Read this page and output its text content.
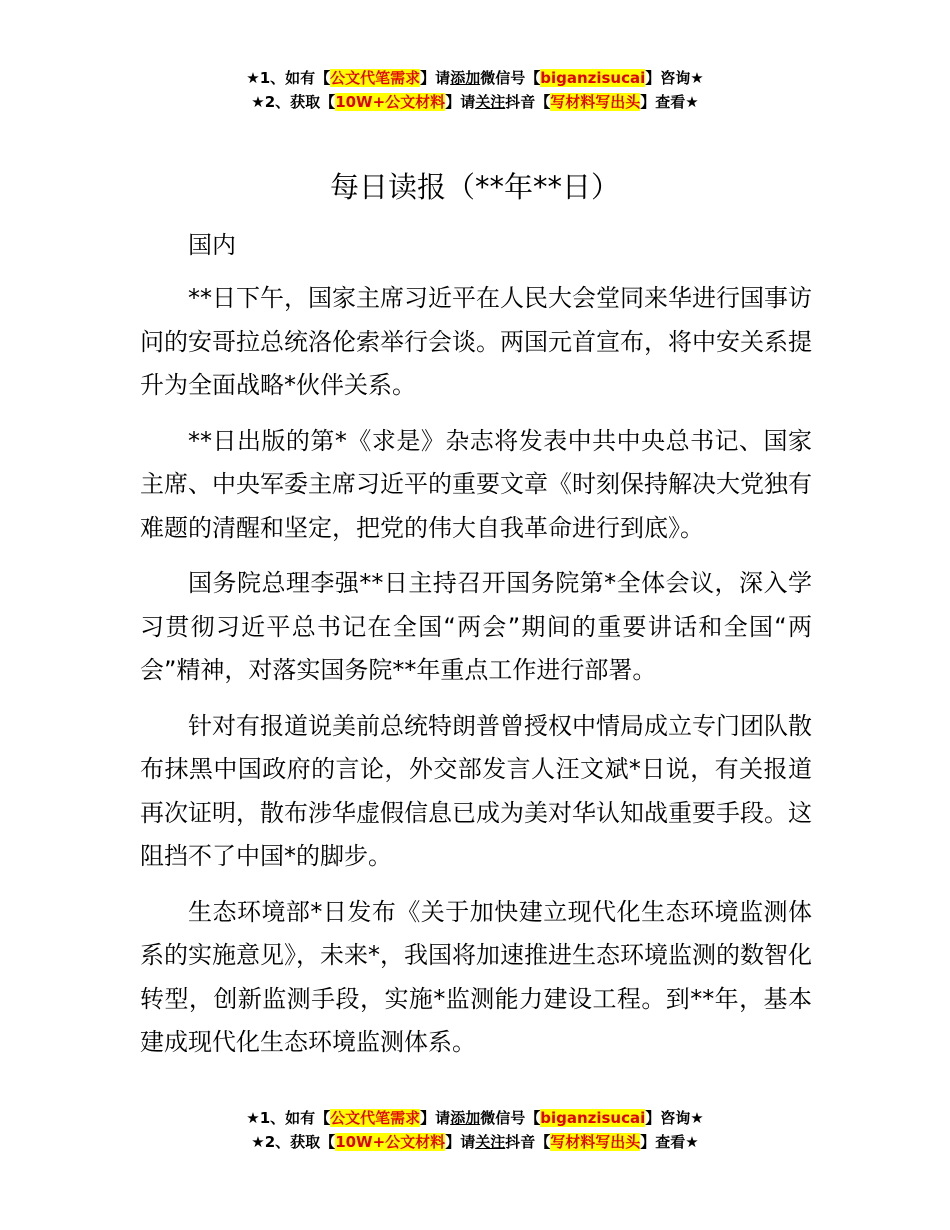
★1、如有【公文代笔需求】请添加微信号【biganzisucai】咨询★
★2、获取【10W+公文材料】请关注抖音【写材料写出头】查看★
每日读报（**年**日）
国内

**日下午，国家主席习近平在人民大会堂同来华进行国事访问的安哥拉总统洛伦索举行会谈。两国元首宣布，将中安关系提升为全面战略*伙伴关系。

**日出版的第*《求是》杂志将发表中共中央总书记、国家主席、中央军委主席习近平的重要文章《时刻保持解决大党独有难题的清醒和坚定，把党的伟大自我革命进行到底》。

国务院总理李强**日主持召开国务院第*全体会议，深入学习贯彻习近平总书记在全国“两会”期间的重要讲话和全国“两会”精神，对落实国务院**年重点工作进行部署。

针对有报道说美前总统特朗普曾授权中情局成立专门团队散布抹黑中国政府的言论，外交部发言人汪文斌*日说，有关报道再次证明，散布涉华虚假信息已成为美对华认知战重要手段。这阻挡不了中国*的脚步。

生态环境部*日发布《关于加快建立现代化生态环境监测体系的实施意见》，未来*，我国将加速推进生态环境监测的数智化转型，创新监测手段，实施*监测能力建设工程。到**年，基本建成现代化生态环境监测体系。

★1、如有【公文代笔需求】请添加微信号【biganzisucai】咨询★
★2、获取【10W+公文材料】请关注抖音【写材料写出头】查看★
